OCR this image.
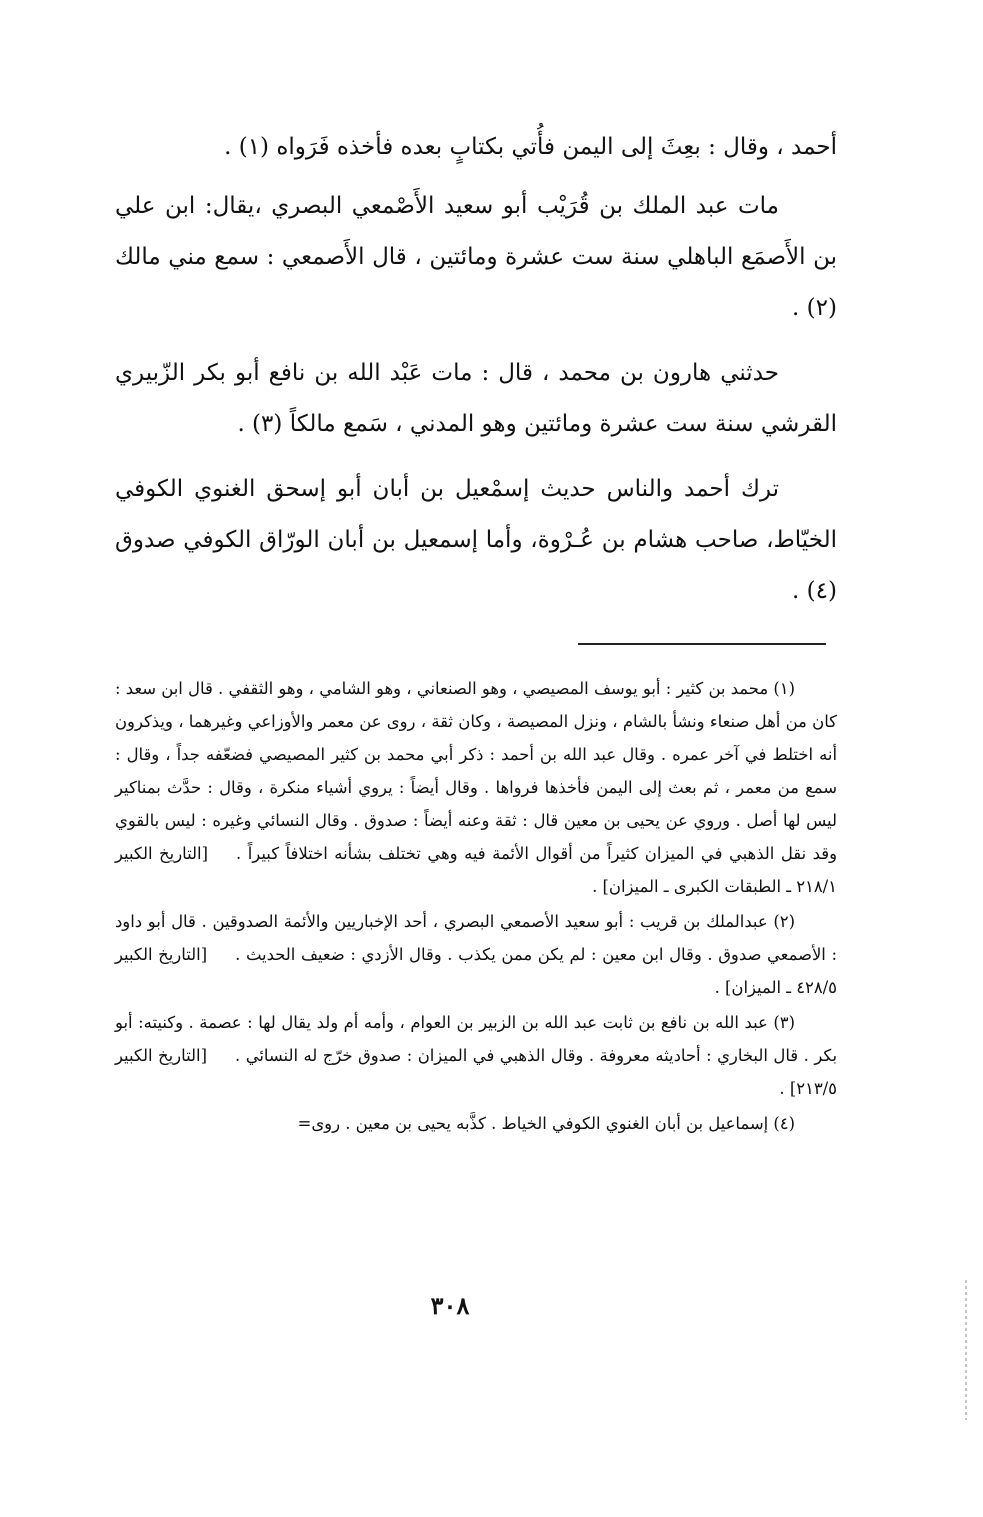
أحمد ، وقال : بعِثَ إلى اليمن فأُتي بكتابٍ بعده فأخذه فَرَواه (١) .

مات عبد الملك بن قُرَيْب أبو سعيد الأَصْمعي البصري ،يقال: ابن علي بن الأَصمَع الباهلي سنة ست عشرة ومائتين ، قال الأَصمعي : سمع مني مالك (٢) .

حدثني هارون بن محمد ، قال : مات عَبْد الله بن نافع أبو بكر الزّبيري القرشي سنة ست عشرة ومائتين وهو المدني ، سَمع مالكاً (٣) .

ترك أحمد والناس حديث إسمْعيل بن أبان أبو إسحق الغنوي الكوفي الخيّاط، صاحب هشام بن عُـرْوة، وأما إسمعيل بن أبان الورّاق الكوفي صدوق (٤) .

(١) محمد بن كثير : أبو يوسف المصيصي ، وهو الصنعاني ، وهو الشامي ، وهو الثقفي . قال ابن سعد : كان من أهل صنعاء ونشأ بالشام ، ونزل المصيصة ، وكان ثقة ، روى عن معمر والأوزاعي وغيرهما ، ويذكرون أنه اختلط في آخر عمره . وقال عبد الله بن أحمد : ذكر أبي محمد بن كثير المصيصي فضعّفه جداً ، وقال : سمع من معمر ، ثم بعث إلى اليمن فأخذها فرواها . وقال أيضاً : يروي أشياء منكرة ، وقال : حدَّث بمناكير ليس لها أصل . وروي عن يحيى بن معين قال : ثقة وعنه أيضاً : صدوق . وقال النسائي وغيره : ليس بالقوي وقد نقل الذهبي في الميزان كثيراً من أقوال الأئمة فيه وهي تختلف بشأنه اختلافاً كبيراً .[التاريخ الكبير ٢١٨/١ ـ الطبقات الكبرى ـ الميزان] .

(٢) عبدالملك بن قريب : أبو سعيد الأصمعي البصري ، أحد الإخباريين والأئمة الصدوقين . قال أبو داود : الأصمعي صدوق . وقال ابن معين : لم يكن ممن يكذب . وقال الأزدي : ضعيف الحديث .[التاريخ الكبير ٤٢٨/٥ ـ الميزان] .

(٣) عبد الله بن نافع بن ثابت عبد الله بن الزبير بن العوام ، وأمه أم ولد يقال لها : عصمة . وكنيته: أبو بكر . قال البخاري : أحاديثه معروفة . وقال الذهبي في الميزان : صدوق خرّج له النسائي .[التاريخ الكبير ٢١٣/٥] .

(٤) إسماعيل بن أبان الغنوي الكوفي الخياط . كذَّبه يحيى بن معين . روى=

٣٠٨
